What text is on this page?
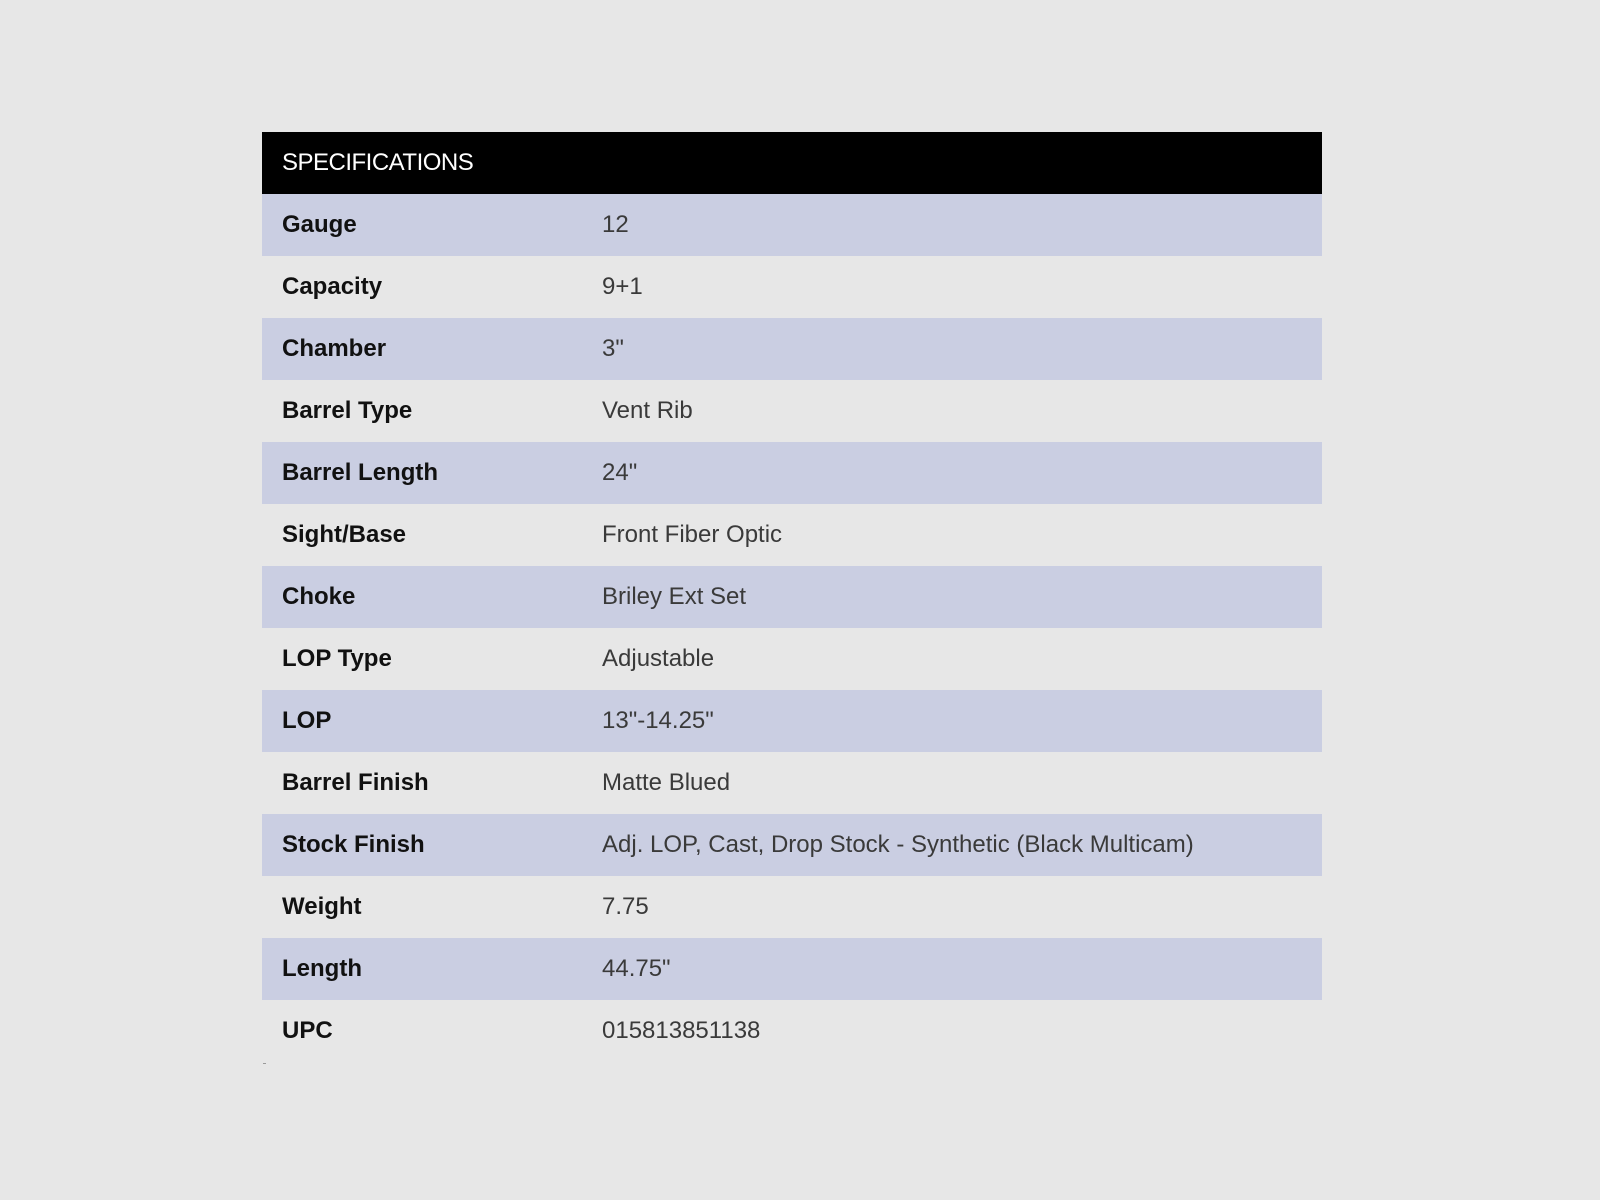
SPECIFICATIONS
Gauge	12
Capacity	9+1
Chamber	3"
Barrel Type	Vent Rib
Barrel Length	24"
Sight/Base	Front Fiber Optic
Choke	Briley Ext Set
LOP Type	Adjustable
LOP	13"-14.25"
Barrel Finish	Matte Blued
Stock Finish	Adj. LOP, Cast, Drop Stock - Synthetic (Black Multicam)
Weight	7.75
Length	44.75"
UPC	015813851138
